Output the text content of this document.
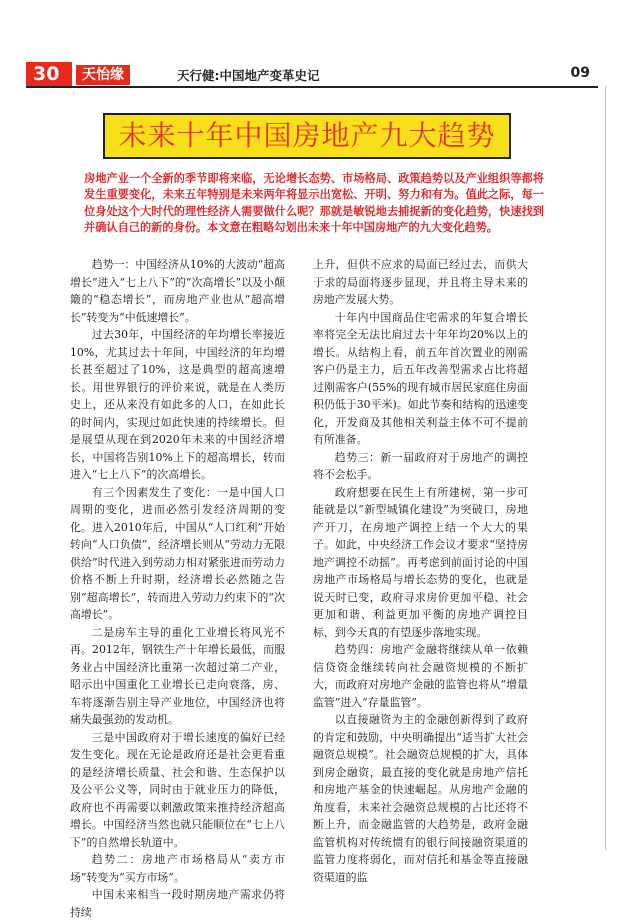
30	天怡缘	天行健:中国地产变革史记	09
未来十年中国房地产九大趋势
房地产业一个全新的季节即将来临，无论增长态势、市场格局、政策趋势以及产业组织等都将发生重要变化，未来五年特别是未来两年将显示出宽松、开明、努力和有为。值此之际，每一位身处这个大时代的理性经济人需要做什么呢？那就是敏锐地去捕捉新的变化趋势，快速找到并确认自己的新的身份。本文意在粗略勾划出未来十年中国房地产的九大变化趋势。

趋势一：中国经济从10%的大波动“超高增长”进入“七上八下”的“次高增长”以及小颠簸的“稳态增长”，而房地产业也从“超高增长”转变为“中低速增长”。

过去30年，中国经济的年均增长率接近10%，尤其过去十年间，中国经济的年均增长甚至超过了10%，这是典型的超高速增长。用世界银行的评价来说，就是在人类历史上，还从来没有如此多的人口，在如此长的时间内，实现过如此快速的持续增长。但是展望从现在到2020年未来的中国经济增长，中国将告别10%上下的超高增长，转而进入“七上八下”的次高增长。

有三个因素发生了变化：一是中国人口周期的变化，进而必然引发经济周期的变化。进入2010年后，中国从“人口红利”开始转向“人口负债”，经济增长则从“劳动力无限供给”时代进入到劳动力相对紧张进而劳动力价格不断上升时期，经济增长必然随之告别“超高增长”，转而进入劳动力约束下的“次高增长”。

二是房车主导的重化工业增长将风光不再。2012年，钢铁生产十年增长最低，而服务业占中国经济比重第一次超过第二产业，昭示出中国重化工业增长已走向衰落，房、车将逐渐告别主导产业地位，中国经济也将痛失最强劲的发动机。

三是中国政府对于增长速度的偏好已经发生变化。现在无论是政府还是社会更看重的是经济增长质量、社会和谐、生态保护以及公平公义等，同时由于就业压力的降低，政府也不再需要以刺激政策来推持经济超高增长。中国经济当然也就只能顺位在“七上八下”的自然增长轨道中。

趋势二：房地产市场格局从“卖方市场”转变为“买方市场”。

中国未来相当一段时期房地产需求仍将持续

上升，但供不应求的局面已经过去，而供大于求的局面将逐步显现，并且将主导未来的房地产发展大势。

十年内中国商品住宅需求的年复合增长率将完全无法比肩过去十年年均20%以上的增长。从结构上看，前五年首次置业的刚需客户仍是主力，后五年改善型需求占比将超过刚需客户(55%的现有城市居民家庭住房面积仍低于30平米)。如此节奏和结构的迅速变化，开发商及其他相关利益主体不可不提前有所准备。

趋势三：新一届政府对于房地产的调控将不会松手。

政府想要在民生上有所建树，第一步可能就是以“新型城镇化建设”为突破口，房地产开刀，在房地产调控上结一个大大的果子。如此，中央经济工作会议才要求“坚持房地产调控不动摇”。再考虑到前面讨论的中国房地产市场格局与增长态势的变化，也就是说天时已变，政府寻求房价更加平稳、社会更加和谐、利益更加平衡的房地产调控目标，到今天真的有望逐步落地实现。

趋势四：房地产金融将继续从单一依赖信贷资金继续转向社会融资规模的不断扩大，而政府对房地产金融的监管也将从“增量监管”进入“存量监管”。

以直接融资为主的金融创新得到了政府的肯定和鼓励，中央明确提出“适当扩大社会融资总规模”。社会融资总规模的扩大，具体到房企融资，最直接的变化就是房地产信托和房地产基金的快速崛起。从房地产金融的角度看，未来社会融资总规模的占比还将不断上升，而金融监管的大趋势是，政府金融监管机构对传统惯有的银行间接融资渠道的监管力度将弱化，而对信托和基金等直接融资渠道的监
